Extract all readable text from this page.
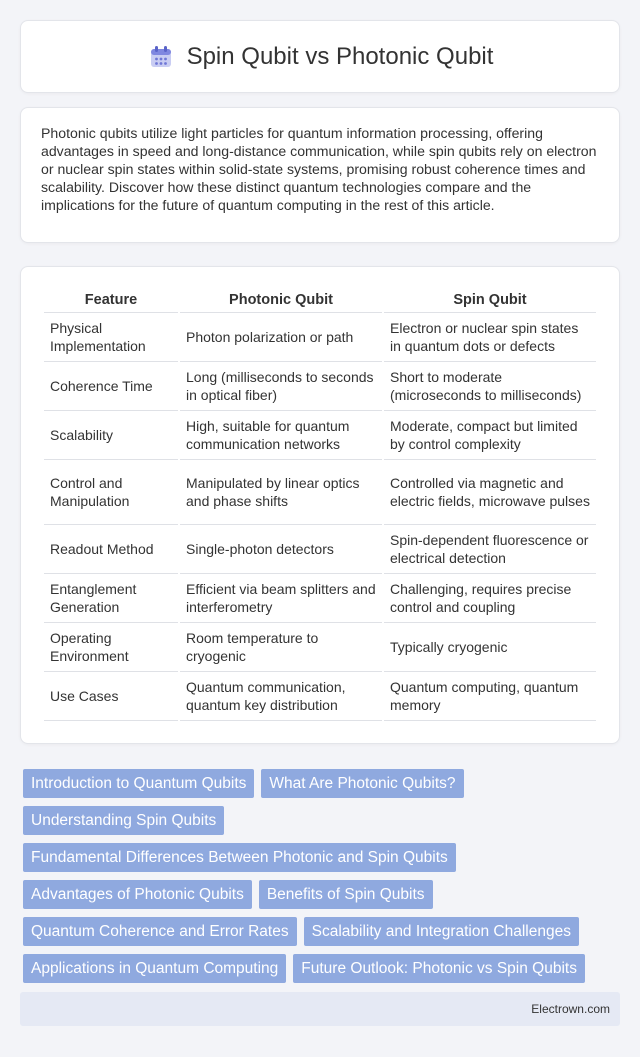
Spin Qubit vs Photonic Qubit

Photonic qubits utilize light particles for quantum information processing, offering advantages in speed and long-distance communication, while spin qubits rely on electron or nuclear spin states within solid-state systems, promising robust coherence times and scalability. Discover how these distinct quantum technologies compare and the implications for the future of quantum computing in the rest of this article.

Feature	Photonic Qubit	Spin Qubit
Physical Implementation	Photon polarization or path	Electron or nuclear spin states in quantum dots or defects
Coherence Time	Long (milliseconds to seconds in optical fiber)	Short to moderate (microseconds to milliseconds)
Scalability	High, suitable for quantum communication networks	Moderate, compact but limited by control complexity
Control and Manipulation	Manipulated by linear optics and phase shifts	Controlled via magnetic and electric fields, microwave pulses
Readout Method	Single-photon detectors	Spin-dependent fluorescence or electrical detection
Entanglement Generation	Efficient via beam splitters and interferometry	Challenging, requires precise control and coupling
Operating Environment	Room temperature to cryogenic	Typically cryogenic
Use Cases	Quantum communication, quantum key distribution	Quantum computing, quantum memory
Introduction to Quantum Qubits	What Are Photonic Qubits?
Understanding Spin Qubits
Fundamental Differences Between Photonic and Spin Qubits
Advantages of Photonic Qubits	Benefits of Spin Qubits
Quantum Coherence and Error Rates	Scalability and Integration Challenges
Applications in Quantum Computing	Future Outlook: Photonic vs Spin Qubits
Electrown.com
